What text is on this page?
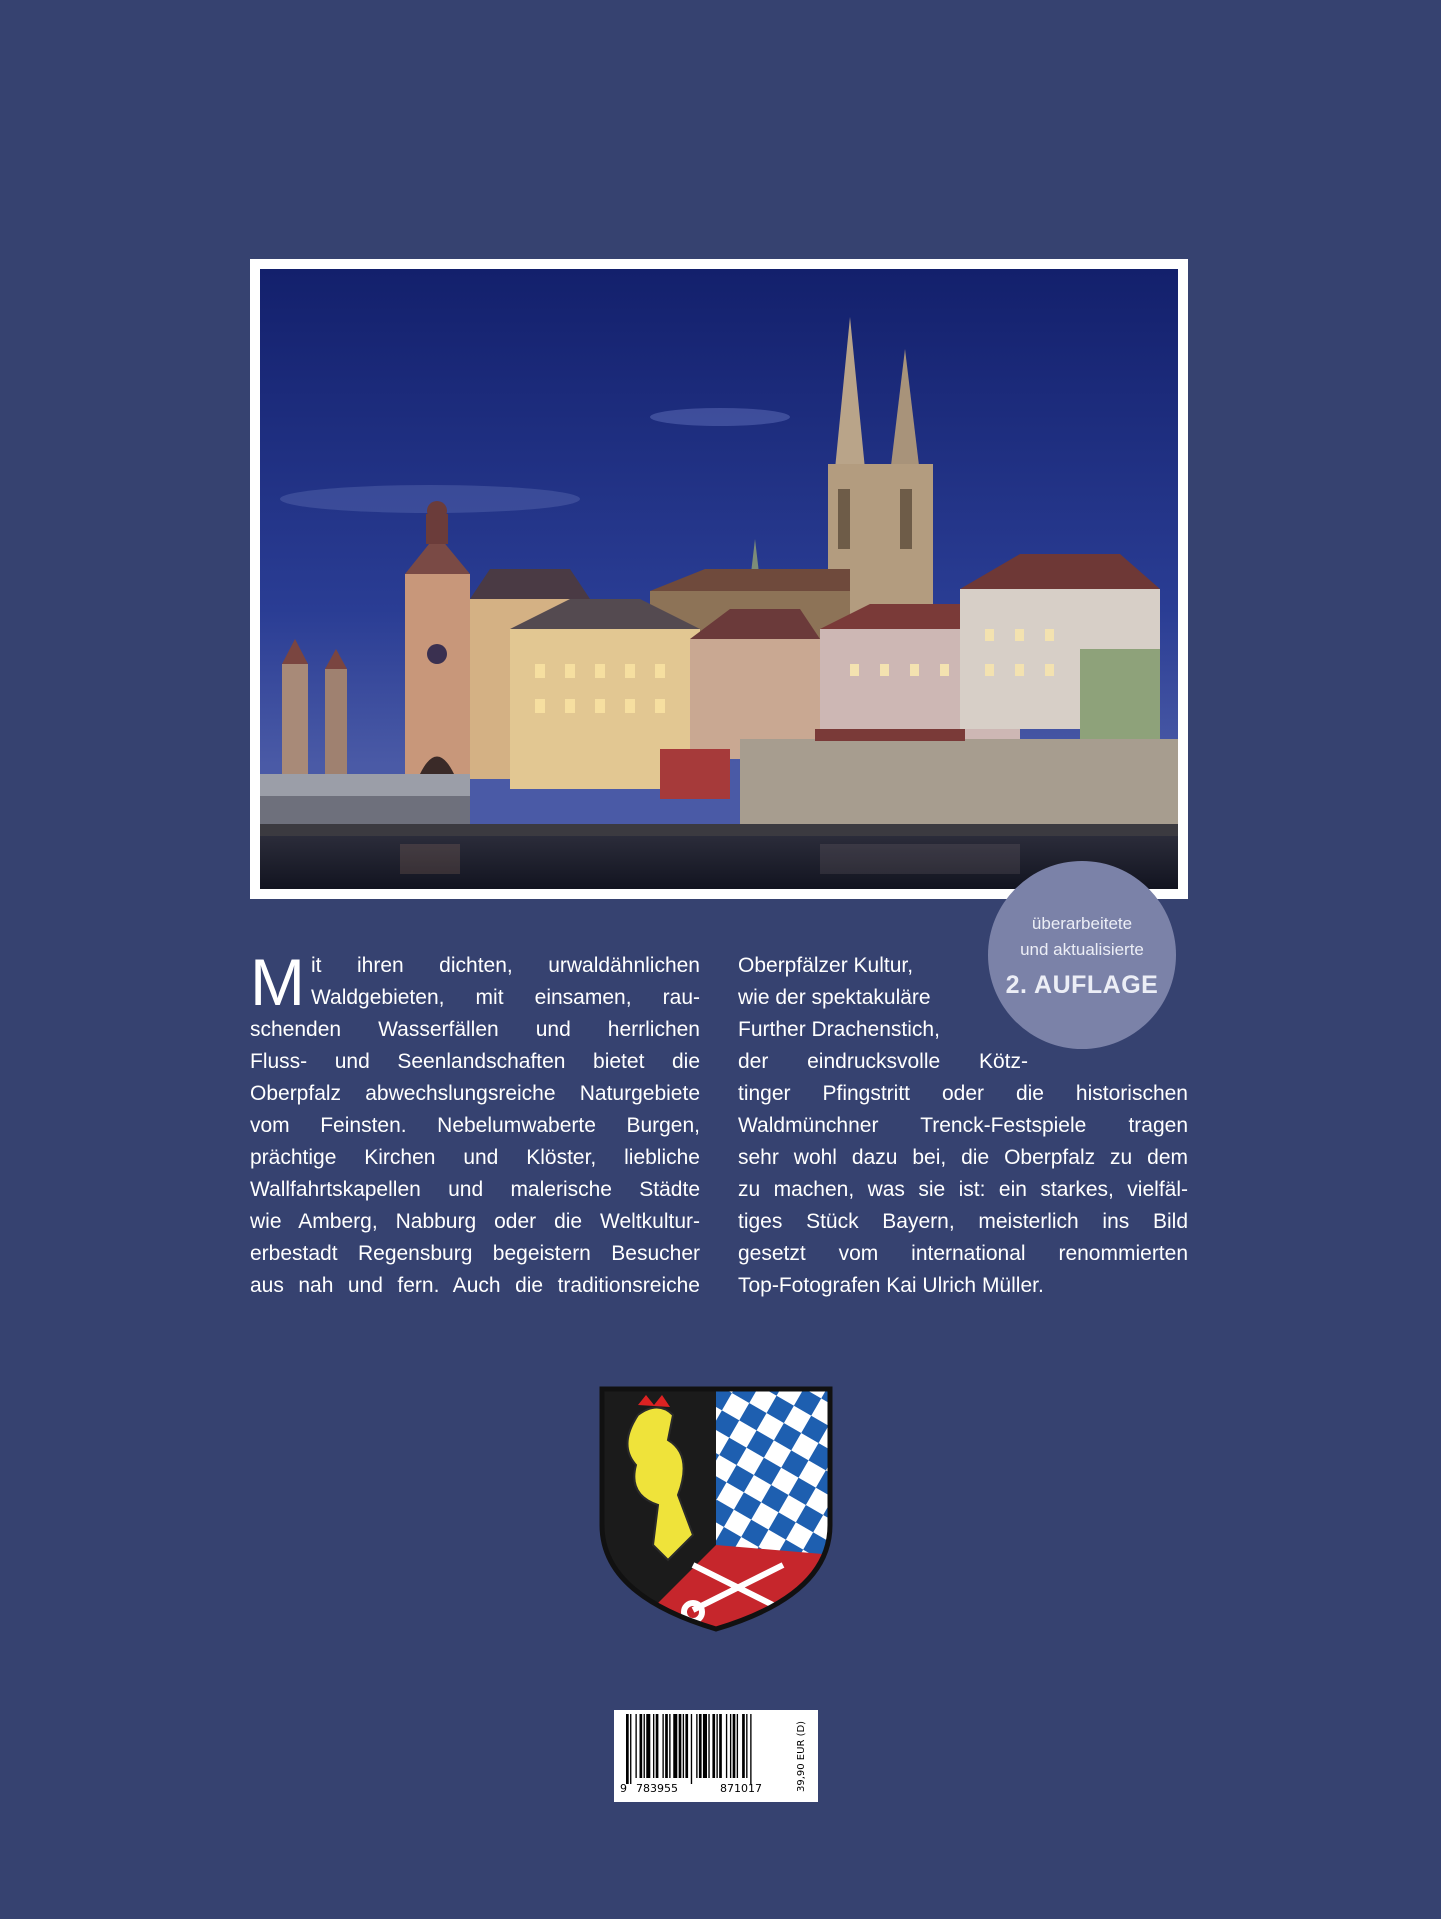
überarbeitete
und aktualisierte
2. AUFLAGE
M it ihren dichten, urwaldähnlichen
Waldgebieten, mit einsamen, rau-
schenden Wasserfällen und herrlichen
Fluss- und Seenlandschaften bietet die
Oberpfalz abwechslungsreiche Naturgebiete
vom Feinsten. Nebelumwaberte Burgen,
prächtige Kirchen und Klöster, liebliche
Wallfahrtskapellen und malerische Städte
wie Amberg, Nabburg oder die Weltkultur-
erbestadt Regensburg begeistern Besucher
aus nah und fern. Auch die traditionsreiche
Oberpfälzer Kultur,
wie der spektakuläre
Further Drachenstich,
der eindrucksvolle Kötz-
tinger Pfingstritt oder die historischen
Waldmünchner Trenck-Festspiele tragen
sehr wohl dazu bei, die Oberpfalz zu dem
zu machen, was sie ist: ein starkes, vielfäl-
tiges Stück Bayern, meisterlich ins Bild
gesetzt vom international renommierten
Top-Fotografen Kai Ulrich Müller.
9 783955	871017	39,90 EUR (D)
